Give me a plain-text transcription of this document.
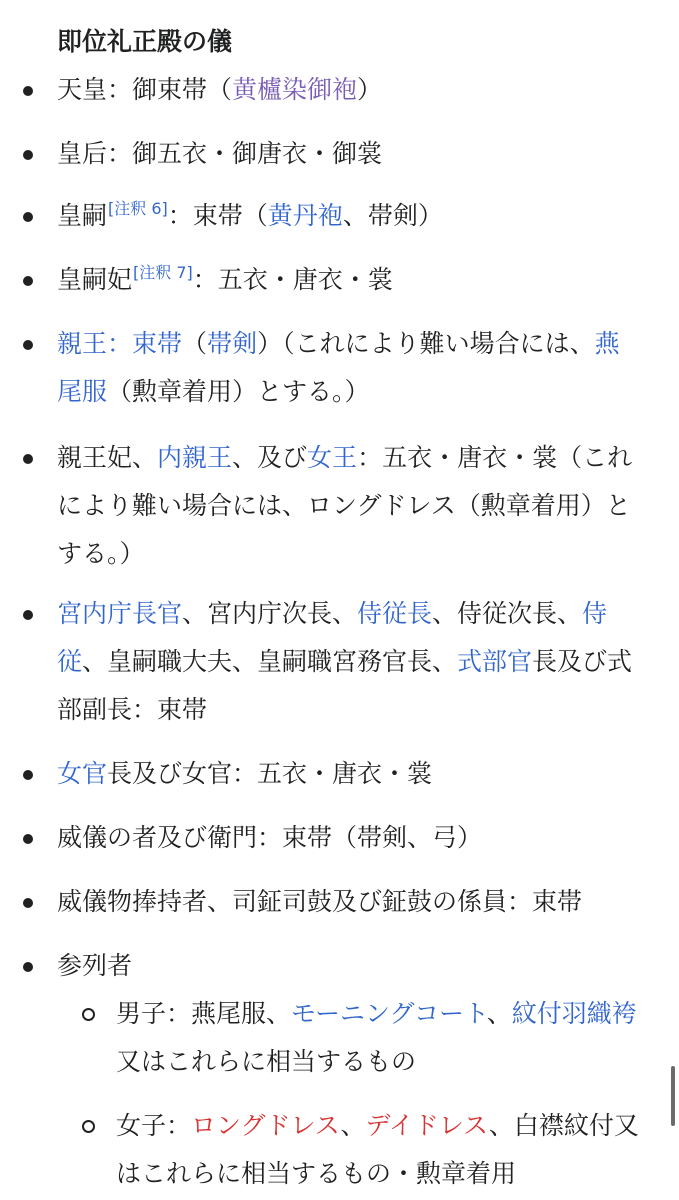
即位礼正殿の儀
天皇：御束帯（黄櫨染御袍）
皇后：御五衣・御唐衣・御裳
皇嗣[注釈 6]：束帯（黄丹袍、帯剣）
皇嗣妃[注釈 7]：五衣・唐衣・裳
親王：束帯（帯剣）（これにより難い場合には、燕尾服（勲章着用）とする。）
親王妃、内親王、及び女王：五衣・唐衣・裳（これにより難い場合には、ロングドレス（勲章着用）とする。）
宮内庁長官、宮内庁次長、侍従長、侍従次長、侍従、皇嗣職大夫、皇嗣職宮務官長、式部官長及び式部副長：束帯
女官長及び女官：五衣・唐衣・裳
威儀の者及び衛門：束帯（帯剣、弓）
威儀物捧持者、司鉦司鼓及び鉦鼓の係員：束帯
参列者
男子：燕尾服、モーニングコート、紋付羽織袴又はこれらに相当するもの
女子：ロングドレス、デイドレス、白襟紋付又はこれらに相当するもの・勲章着用
